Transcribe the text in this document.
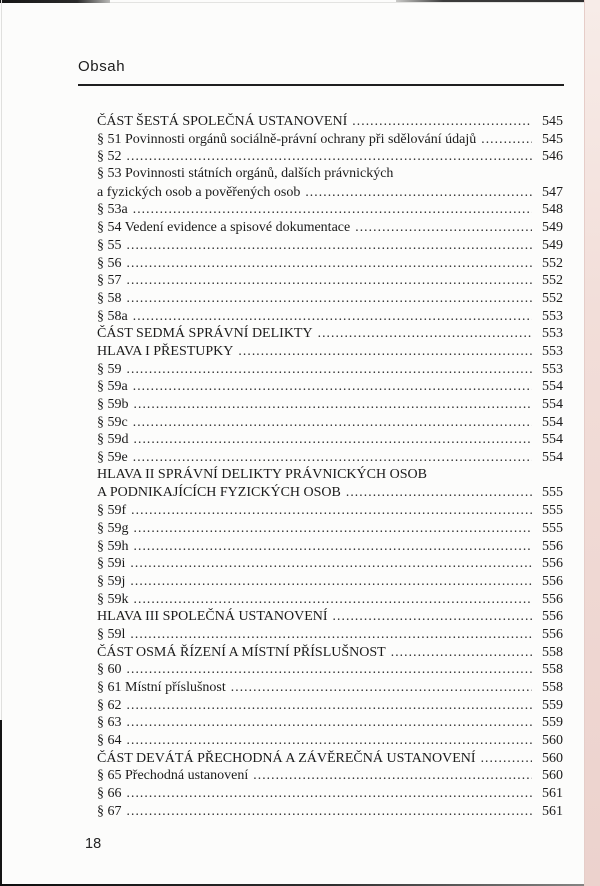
Obsah
ČÁST ŠESTÁ SPOLEČNÁ USTANOVENÍ .....	545
§ 51 Povinnosti orgánů sociálně-právní ochrany při sdělování údajů .....	545
§ 52 .....	546
§ 53 Povinnosti státních orgánů, dalších právnických
a fyzických osob a pověřených osob .....	547
§ 53a .....	548
§ 54 Vedení evidence a spisové dokumentace .....	549
§ 55 .....	549
§ 56 .....	552
§ 57 .....	552
§ 58 .....	552
§ 58a .....	553
ČÁST SEDMÁ SPRÁVNÍ DELIKTY .....	553
HLAVA I PŘESTUPKY .....	553
§ 59 .....	553
§ 59a .....	554
§ 59b .....	554
§ 59c .....	554
§ 59d .....	554
§ 59e .....	554
HLAVA II SPRÁVNÍ DELIKTY PRÁVNICKÝCH OSOB
A PODNIKAJÍCÍCH FYZICKÝCH OSOB .....	555
§ 59f .....	555
§ 59g .....	555
§ 59h .....	556
§ 59i .....	556
§ 59j .....	556
§ 59k .....	556
HLAVA III SPOLEČNÁ USTANOVENÍ .....	556
§ 59l .....	556
ČÁST OSMÁ ŘÍZENÍ A MÍSTNÍ PŘÍSLUŠNOST .....	558
§ 60 .....	558
§ 61 Místní příslušnost .....	558
§ 62 .....	559
§ 63 .....	559
§ 64 .....	560
ČÁST DEVÁTÁ PŘECHODNÁ A ZÁVĚREČNÁ USTANOVENÍ .....	560
§ 65 Přechodná ustanovení .....	560
§ 66 .....	561
§ 67 .....	561
18
